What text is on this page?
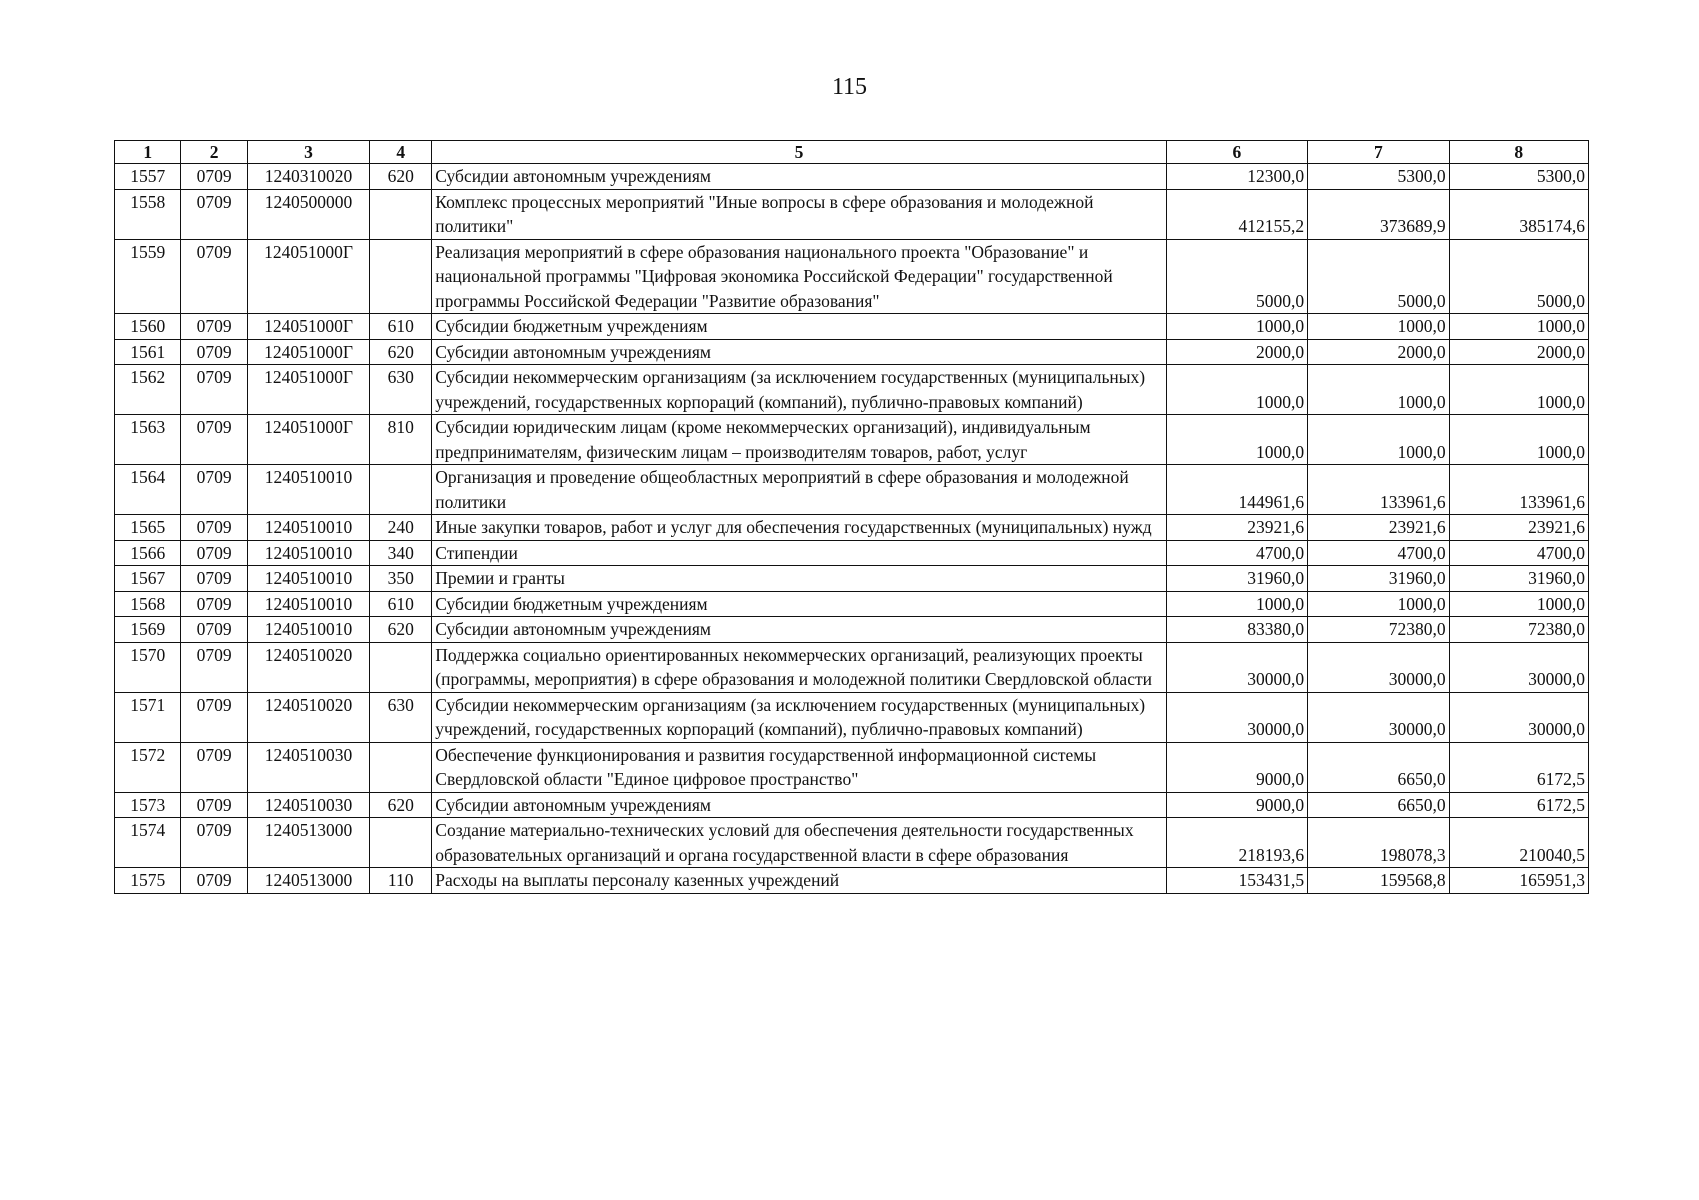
115
1	2	3	4	5	6	7	8
1557	0709	1240310020	620	Субсидии автономным учреждениям	12300,0	5300,0	5300,0
1558	0709	1240500000		Комплекс процессных мероприятий "Иные вопросы в сфере образования и молодежной политики"	412155,2	373689,9	385174,6
1559	0709	124051000Г		Реализация мероприятий в сфере образования национального проекта "Образование" и национальной программы "Цифровая экономика Российской Федерации" государственной программы Российской Федерации "Развитие образования"	5000,0	5000,0	5000,0
1560	0709	124051000Г	610	Субсидии бюджетным учреждениям	1000,0	1000,0	1000,0
1561	0709	124051000Г	620	Субсидии автономным учреждениям	2000,0	2000,0	2000,0
1562	0709	124051000Г	630	Субсидии некоммерческим организациям (за исключением государственных (муниципальных) учреждений, государственных корпораций (компаний), публично-правовых компаний)	1000,0	1000,0	1000,0
1563	0709	124051000Г	810	Субсидии юридическим лицам (кроме некоммерческих организаций), индивидуальным предпринимателям, физическим лицам – производителям товаров, работ, услуг	1000,0	1000,0	1000,0
1564	0709	1240510010		Организация и проведение общеобластных мероприятий в сфере образования и молодежной политики	144961,6	133961,6	133961,6
1565	0709	1240510010	240	Иные закупки товаров, работ и услуг для обеспечения государственных (муниципальных) нужд	23921,6	23921,6	23921,6
1566	0709	1240510010	340	Стипендии	4700,0	4700,0	4700,0
1567	0709	1240510010	350	Премии и гранты	31960,0	31960,0	31960,0
1568	0709	1240510010	610	Субсидии бюджетным учреждениям	1000,0	1000,0	1000,0
1569	0709	1240510010	620	Субсидии автономным учреждениям	83380,0	72380,0	72380,0
1570	0709	1240510020		Поддержка социально ориентированных некоммерческих организаций, реализующих проекты (программы, мероприятия) в сфере образования и молодежной политики Свердловской области	30000,0	30000,0	30000,0
1571	0709	1240510020	630	Субсидии некоммерческим организациям (за исключением государственных (муниципальных) учреждений, государственных корпораций (компаний), публично-правовых компаний)	30000,0	30000,0	30000,0
1572	0709	1240510030		Обеспечение функционирования и развития государственной информационной системы Свердловской области "Единое цифровое пространство"	9000,0	6650,0	6172,5
1573	0709	1240510030	620	Субсидии автономным учреждениям	9000,0	6650,0	6172,5
1574	0709	1240513000		Создание материально-технических условий для обеспечения деятельности государственных образовательных организаций и органа государственной власти в сфере образования	218193,6	198078,3	210040,5
1575	0709	1240513000	110	Расходы на выплаты персоналу казенных учреждений	153431,5	159568,8	165951,3
